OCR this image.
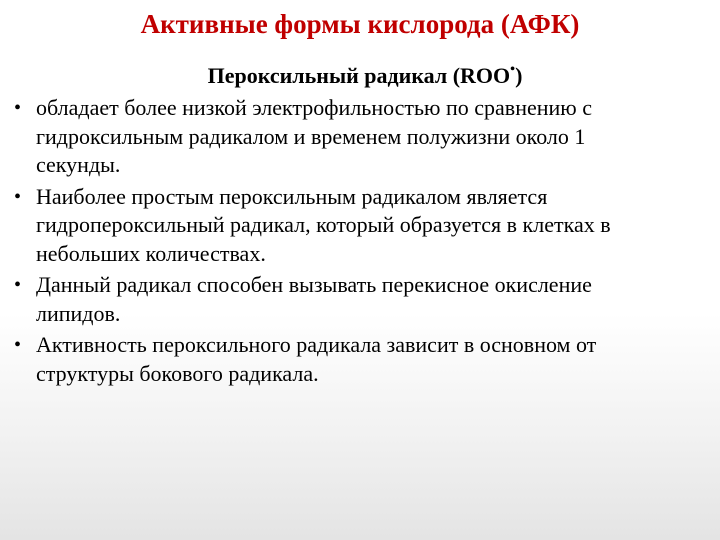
Активные формы кислорода (АФК)
Пероксильный радикал (ROO•)
• обладает более низкой электрофильностью по сравнению с гидроксильным радикалом и временем полужизни около 1 секунды.
• Наиболее простым пероксильным радикалом является гидропероксильный радикал, который образуется в клетках в небольших количествах.
• Данный радикал способен вызывать перекисное окисление липидов.
• Активность пероксильного радикала зависит в основном от структуры бокового радикала.
